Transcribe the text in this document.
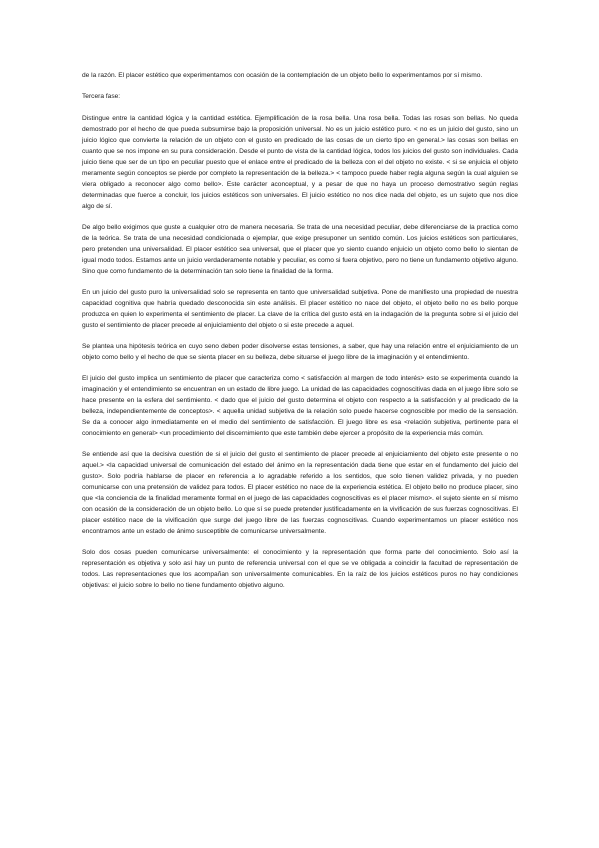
de la razón. El placer estético que experimentamos con ocasión de la contemplación de un objeto bello lo experimentamos por sí mismo.

Tercera fase:

Distingue entre la cantidad lógica y la cantidad estética. Ejemplificación de la rosa bella. Una rosa bella. Todas las rosas son bellas. No queda demostrado por el hecho de que pueda subsumirse bajo la proposición universal. No es un juicio estético puro. < no es un juicio del gusto, sino un juicio lógico que convierte la relación de un objeto con el gusto en predicado de las cosas de un cierto tipo en general.> las cosas son bellas en cuanto que se nos impone en su pura consideración. Desde el punto de vista de la cantidad lógica, todos los juicios del gusto son individuales. Cada juicio tiene que ser de un tipo en peculiar puesto que el enlace entre el predicado de la belleza con el del objeto no existe. < si se enjuicia el objeto meramente según conceptos se pierde por completo la representación de la belleza.> < tampoco puede haber regla alguna según la cual alguien se viera obligado a reconocer algo como bello>. Este carácter aconceptual, y a pesar de que no haya un proceso demostrativo según reglas determinadas que fuerce a concluir, los juicios estéticos son universales. El juicio estético no nos dice nada del objeto, es un sujeto que nos dice algo de sí.

De algo bello exigimos que guste a cualquier otro de manera necesaria. Se trata de una necesidad peculiar, debe diferenciarse de la practica como de la teórica. Se trata de una necesidad condicionada o ejemplar, que exige presuponer un sentido común. Los juicios estéticos son particulares, pero pretenden una universalidad. El placer estético sea universal, que el placer que yo siento cuando enjuicio un objeto como bello lo sientan de igual modo todos. Estamos ante un juicio verdaderamente notable y peculiar, es como si fuera objetivo, pero no tiene un fundamento objetivo alguno. Sino que como fundamento de la determinación tan solo tiene la finalidad de la forma.

En un juicio del gusto puro la universalidad solo se representa en tanto que universalidad subjetiva. Pone de manifiesto una propiedad de nuestra capacidad cognitiva que habría quedado desconocida sin este análisis. El placer estético no nace del objeto, el objeto bello no es bello porque produzca en quien lo experimenta el sentimiento de placer. La clave de la crítica del gusto está en la indagación de la pregunta sobre si el juicio del gusto el sentimiento de placer precede al enjuiciamiento del objeto o si este precede a aquel.

Se plantea una hipótesis teórica en cuyo seno deben poder disolverse estas tensiones, a saber, que hay una relación entre el enjuiciamiento de un objeto como bello y el hecho de que se sienta placer en su belleza, debe situarse el juego libre de la imaginación y el entendimiento.

El juicio del gusto implica un sentimiento de placer que caracteriza como < satisfacción al margen de todo interés> esto se experimenta cuando la imaginación y el entendimiento se encuentran en un estado de libre juego. La unidad de las capacidades cognoscitivas dada en el juego libre solo se hace presente en la esfera del sentimiento. < dado que el juicio del gusto determina el objeto con respecto a la satisfacción y al predicado de la belleza, independientemente de conceptos>. < aquella unidad subjetiva de la relación solo puede hacerse cognoscible por medio de la sensación. Se da a conocer algo inmediatamente en el medio del sentimiento de satisfacción. El juego libre es esa <relación subjetiva, pertinente para el conocimiento en general> <un procedimiento del discernimiento que este también debe ejercer a propósito de la experiencia más común.

Se entiende así que la decisiva cuestión de si el juicio del gusto el sentimiento de placer precede al enjuiciamiento del objeto este presente o no aquel.> <la capacidad universal de comunicación del estado del ánimo en la representación dada tiene que estar en el fundamento del juicio del gusto>. Solo podría hablarse de placer en referencia a lo agradable referido a los sentidos, que solo tienen validez privada, y no pueden comunicarse con una pretensión de validez para todos. El placer estético no nace de la experiencia estética. El objeto bello no produce placer, sino que <la conciencia de la finalidad meramente formal en el juego de las capacidades cognoscitivas es el placer mismo>. el sujeto siente en sí mismo con ocasión de la consideración de un objeto bello. Lo que sí se puede pretender justificadamente en la vivificación de sus fuerzas cognoscitivas. El placer estético nace de la vivificación que surge del juego libre de las fuerzas cognoscitivas. Cuando experimentamos un placer estético nos encontramos ante un estado de ánimo susceptible de comunicarse universalmente.

Solo dos cosas pueden comunicarse universalmente: el conocimiento y la representación que forma parte del conocimiento. Solo así la representación es objetiva y solo así hay un punto de referencia universal con el que se ve obligada a coincidir la facultad de representación de todos. Las representaciones que los acompañan son universalmente comunicables. En la raíz de los juicios estéticos puros no hay condiciones objetivas: el juicio sobre lo bello no tiene fundamento objetivo alguno.
